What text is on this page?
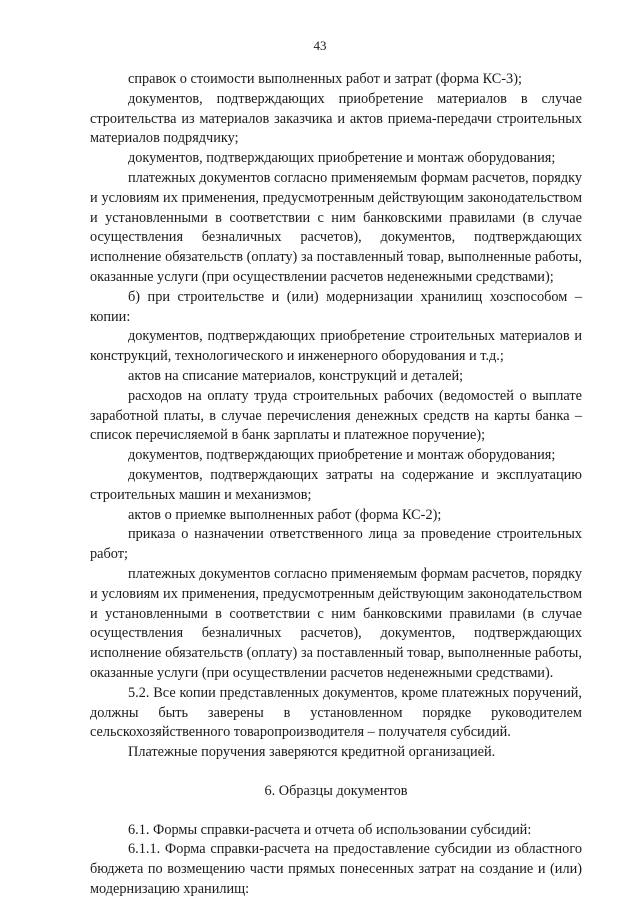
43

справок о стоимости выполненных работ и затрат (форма КС-3);

документов, подтверждающих приобретение материалов в случае строительства из материалов заказчика и актов приема-передачи строительных материалов подрядчику;

документов, подтверждающих приобретение и монтаж оборудования;

платежных документов согласно применяемым формам расчетов, порядку и условиям их применения, предусмотренным действующим законодательством и установленными в соответствии с ним банковскими правилами (в случае осуществления безналичных расчетов), документов, подтверждающих исполнение обязательств (оплату) за поставленный товар, выполненные работы, оказанные услуги (при осуществлении расчетов неденежными средствами);

б) при строительстве и (или) модернизации хранилищ хозспособом – копии:

документов, подтверждающих приобретение строительных материалов и конструкций, технологического и инженерного оборудования и т.д.;

актов на списание материалов, конструкций и деталей;

расходов на оплату труда строительных рабочих (ведомостей о выплате заработной платы, в случае перечисления денежных средств на карты банка – список перечисляемой в банк зарплаты и платежное поручение);

документов, подтверждающих приобретение и монтаж оборудования;

документов, подтверждающих затраты на содержание и эксплуатацию строительных машин и механизмов;

актов о приемке выполненных работ (форма КС-2);

приказа о назначении ответственного лица за проведение строительных работ;

платежных документов согласно применяемым формам расчетов, порядку и условиям их применения, предусмотренным действующим законодательством и установленными в соответствии с ним банковскими правилами (в случае осуществления безналичных расчетов), документов, подтверждающих исполнение обязательств (оплату) за поставленный товар, выполненные работы, оказанные услуги (при осуществлении расчетов неденежными средствами).

5.2. Все копии представленных документов, кроме платежных поручений, должны быть заверены в установленном порядке руководителем сельскохозяйственного товаропроизводителя – получателя субсидий.

Платежные поручения заверяются кредитной организацией.

6. Образцы документов

6.1. Формы справки-расчета и отчета об использовании субсидий:

6.1.1. Форма справки-расчета на предоставление субсидии из областного бюджета по возмещению части прямых понесенных затрат на создание и (или) модернизацию хранилищ:
